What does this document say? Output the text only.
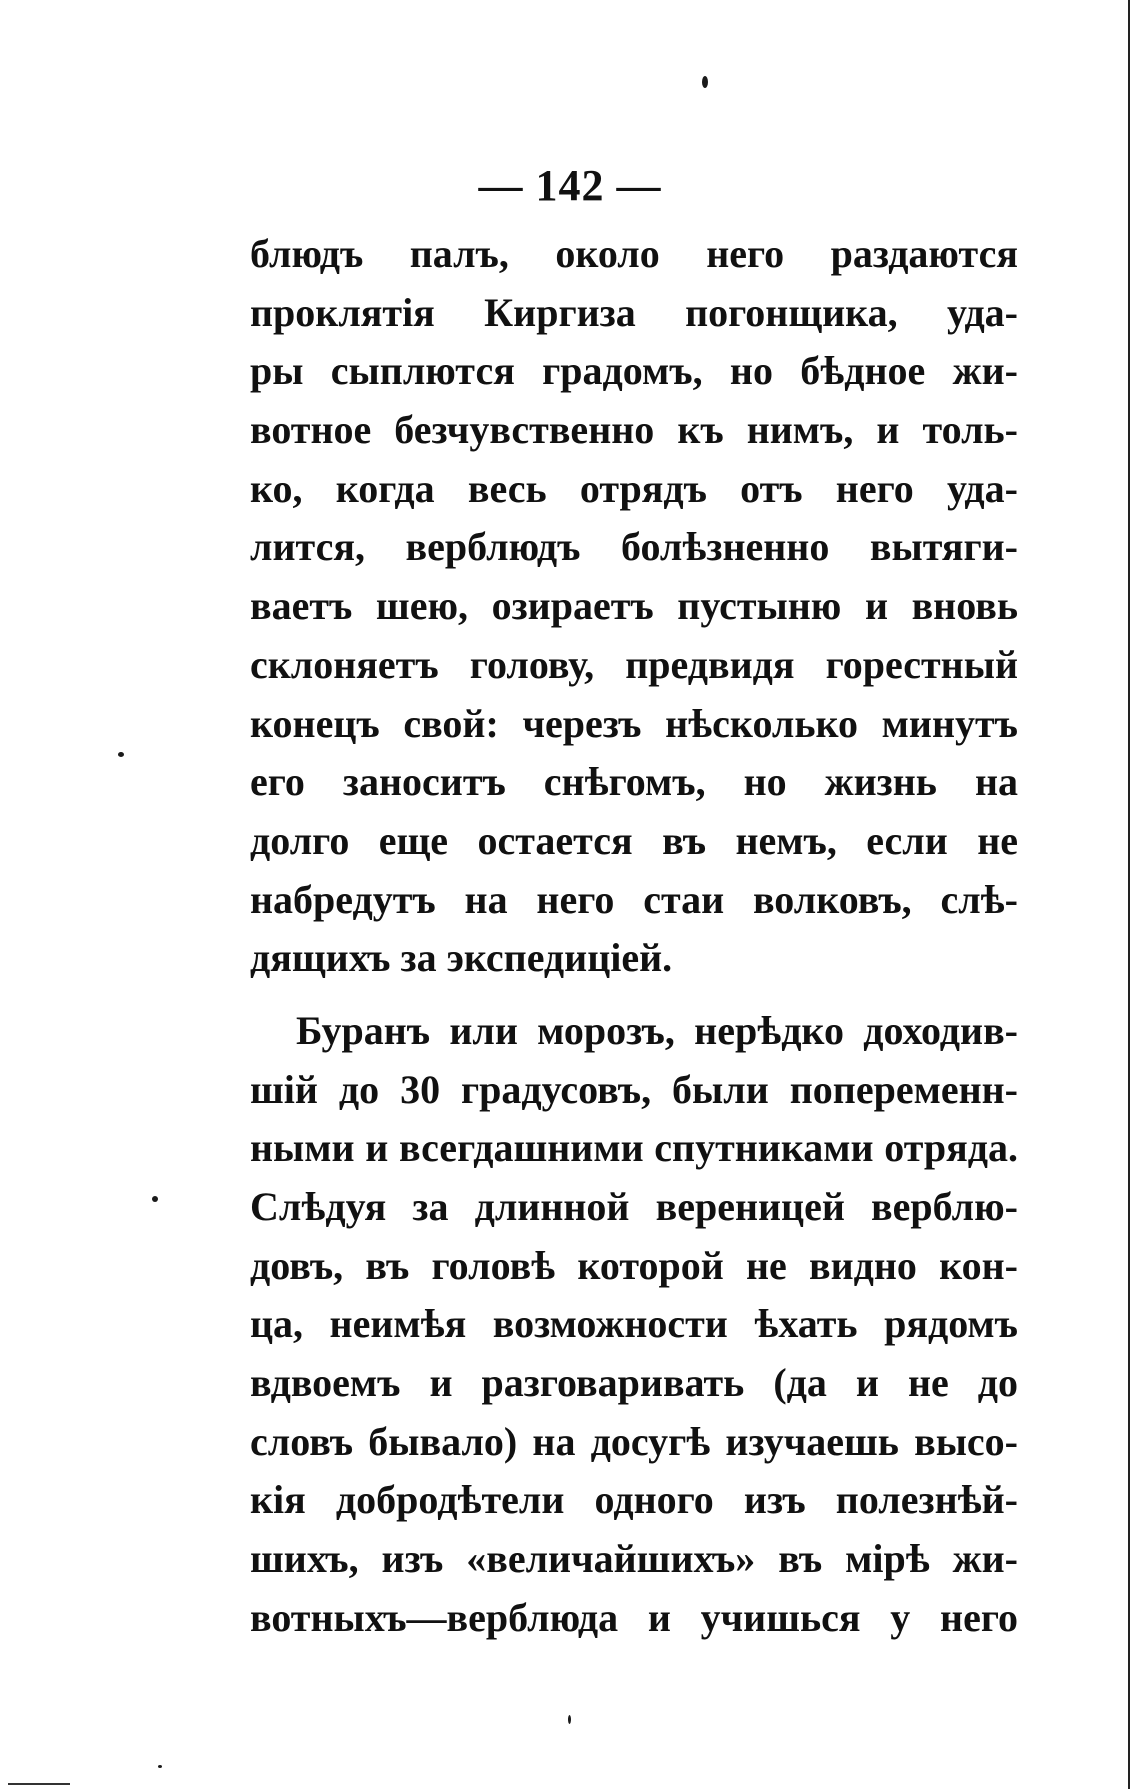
— 142 —
блюдъ палъ, около него раздаются
проклятія Киргиза погонщика, уда-
ры сыплются градомъ, но бѣдное жи-
вотное безчувственно къ нимъ, и толь-
ко, когда весь отрядъ отъ него уда-
лится, верблюдъ болѣзненно вытяги-
ваетъ шею, озираетъ пустыню и вновь
склоняетъ голову, предвидя горестный
конецъ свой: черезъ нѣсколько минутъ
его заноситъ снѣгомъ, но жизнь на
долго еще остается въ немъ, если не
набредутъ на него стаи волковъ, слѣ-
дящихъ за экспедиціей.
Буранъ или морозъ, нерѣдко доходив-
шій до 30 градусовъ, были попеременн-
ными и всегдашними спутниками отряда.
Слѣдуя за длинной вереницей верблю-
довъ, въ головѣ которой не видно кон-
ца, неимѣя возможности ѣхать рядомъ
вдвоемъ и разговаривать (да и не до
словъ бывало) на досугѣ изучаешь высо-
кія добродѣтели одного изъ полезнѣй-
шихъ, изъ «величайшихъ» въ мірѣ жи-
вотныхъ—верблюда и учишься у него
